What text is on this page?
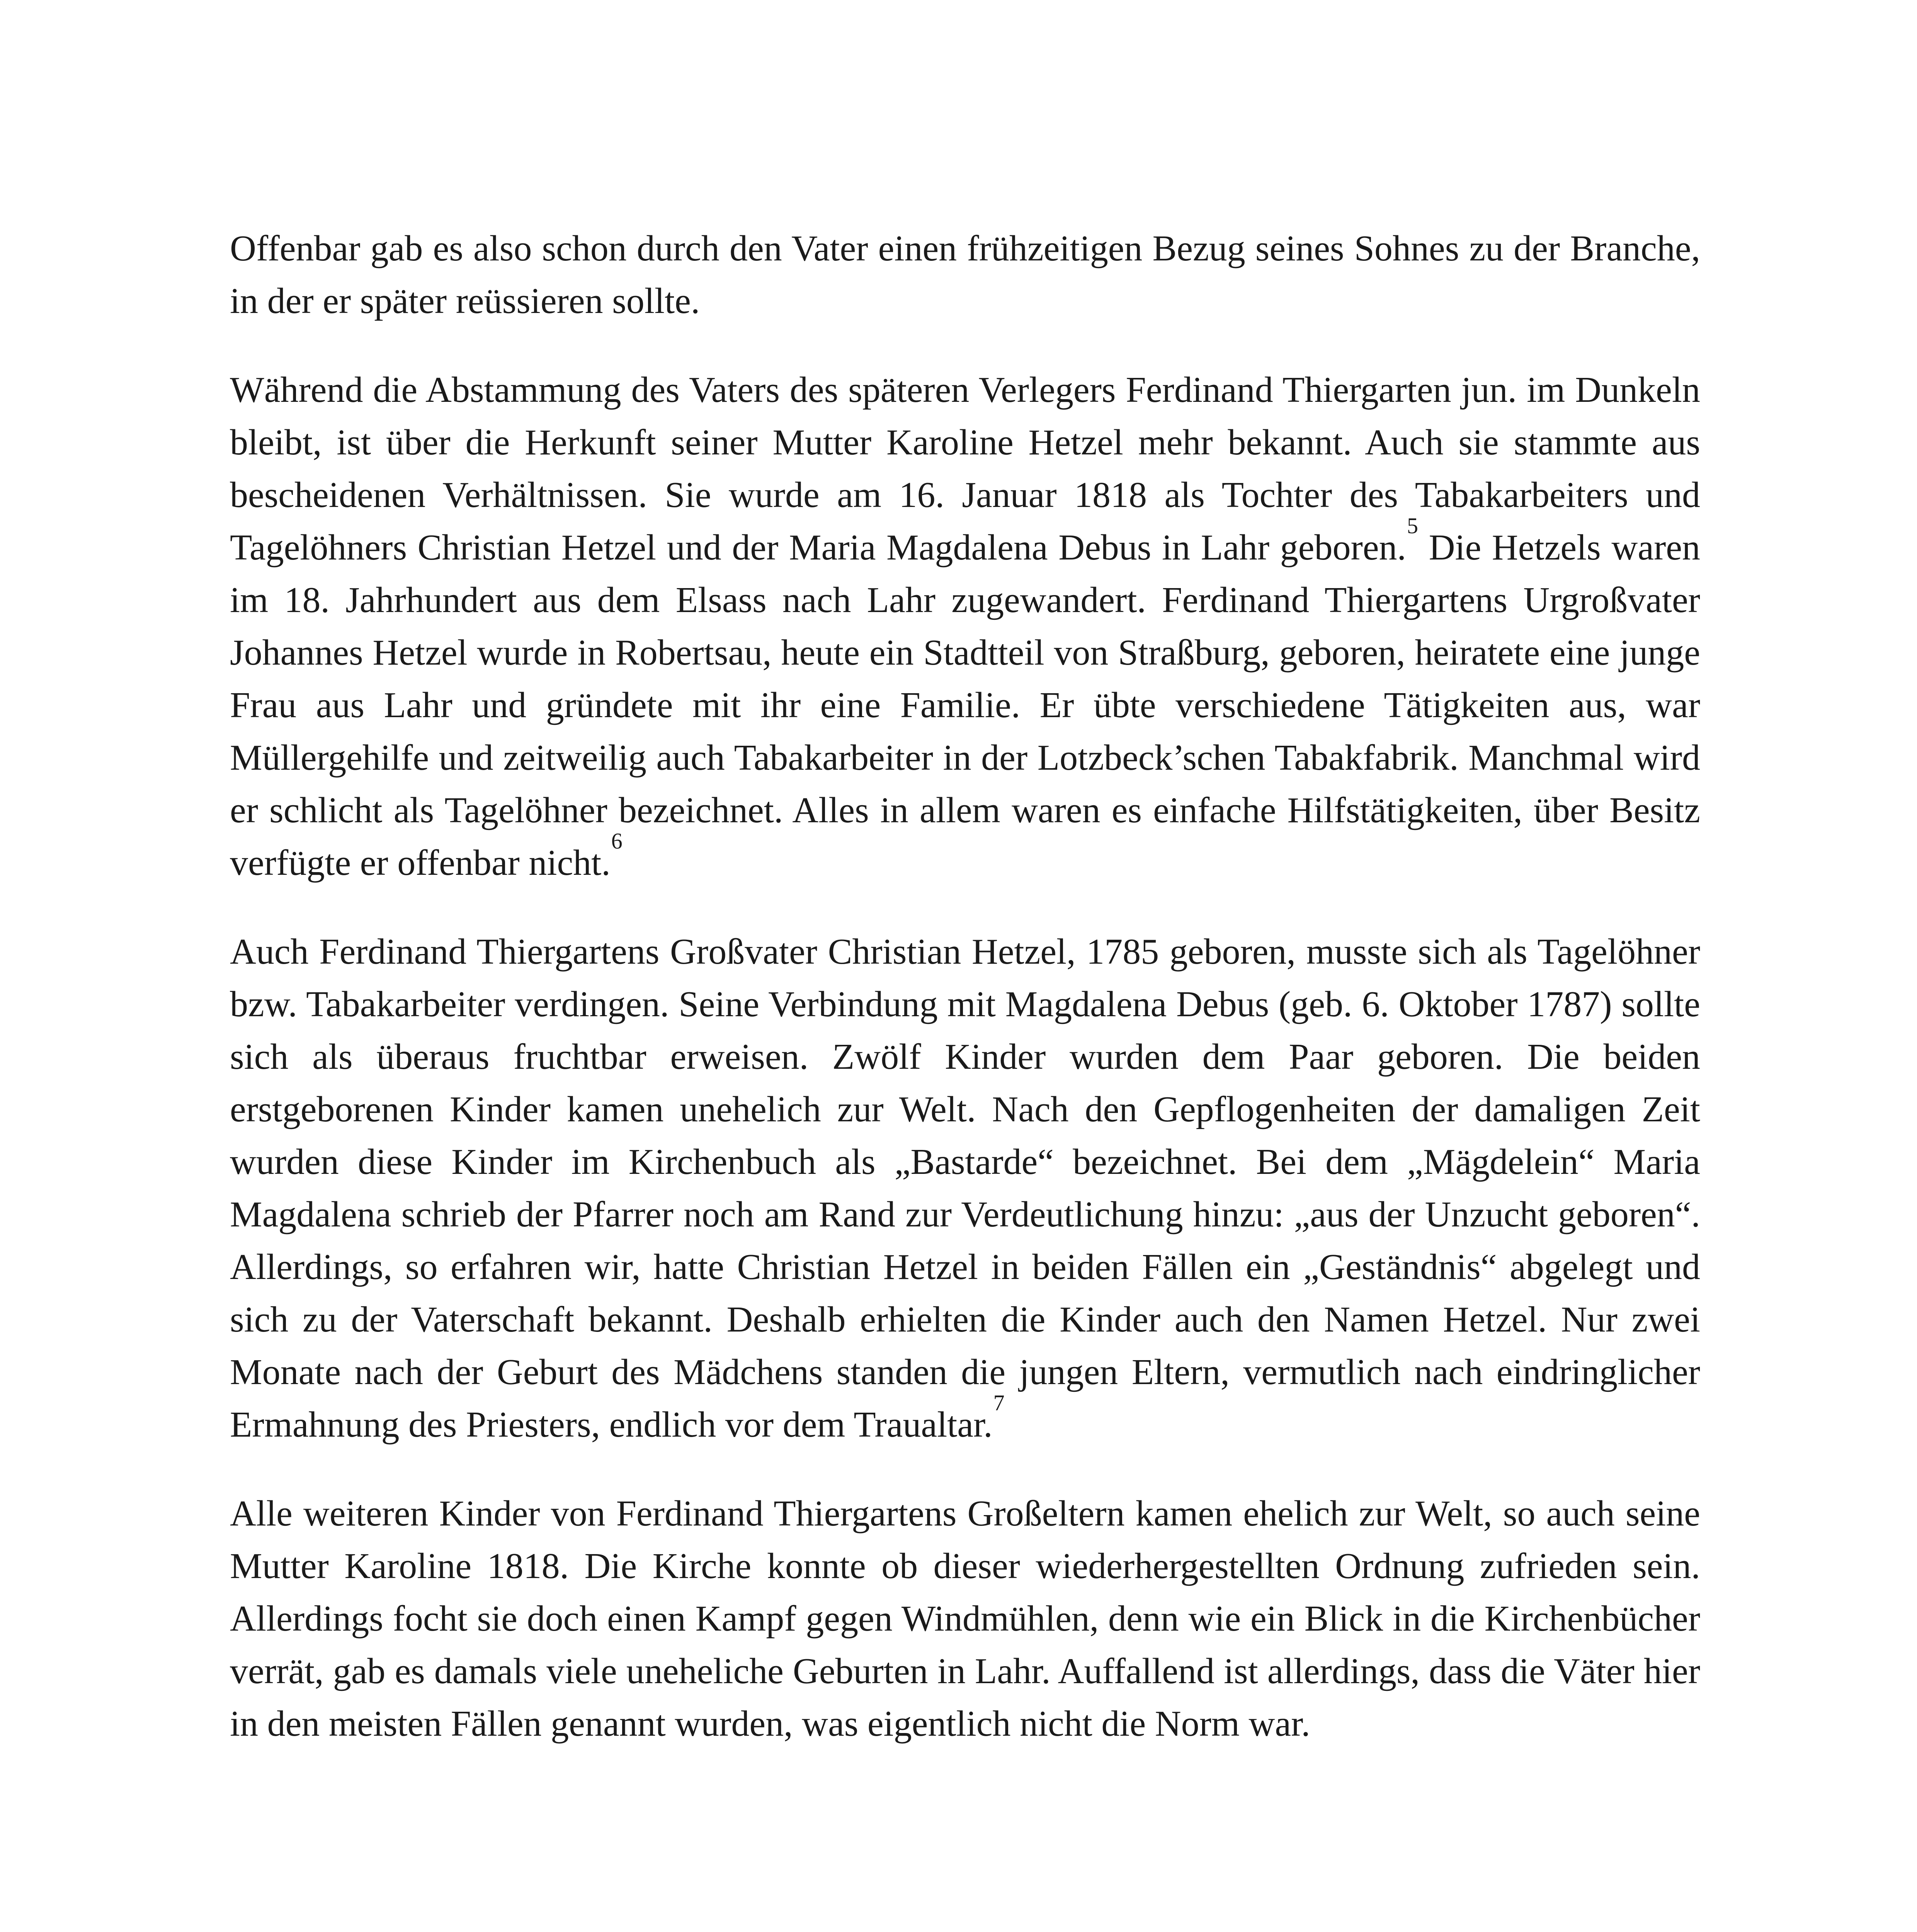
Offenbar gab es also schon durch den Vater einen frühzeitigen Bezug seines Sohnes zu der Branche, in der er später reüssieren sollte.

Während die Abstammung des Vaters des späteren Verlegers Ferdinand Thiergarten jun. im Dunkeln bleibt, ist über die Herkunft seiner Mutter Karoline Hetzel mehr bekannt. Auch sie stammte aus bescheidenen Verhältnissen. Sie wurde am 16. Januar 1818 als Tochter des Tabakarbeiters und Tagelöhners Christian Hetzel und der Maria Magdalena Debus in Lahr geboren.$^5$ Die Hetzels waren im 18. Jahrhundert aus dem Elsass nach Lahr zugewandert. Ferdinand Thiergartens Urgroßvater Johannes Hetzel wurde in Robertsau, heute ein Stadtteil von Straßburg, geboren, heiratete eine junge Frau aus Lahr und gründete mit ihr eine Familie. Er übte verschiedene Tätigkeiten aus, war Müllergehilfe und zeitweilig auch Tabakarbeiter in der Lotzbeck’schen Tabakfabrik. Manchmal wird er schlicht als Tagelöhner bezeichnet. Alles in allem waren es einfache Hilfstätigkeiten, über Besitz verfügte er offenbar nicht.$^6$

Auch Ferdinand Thiergartens Großvater Christian Hetzel, 1785 geboren, musste sich als Tagelöhner bzw. Tabakarbeiter verdingen. Seine Verbindung mit Magdalena Debus (geb. 6. Oktober 1787) sollte sich als überaus fruchtbar erweisen. Zwölf Kinder wurden dem Paar geboren. Die beiden erstgeborenen Kinder kamen unehelich zur Welt. Nach den Gepflogenheiten der damaligen Zeit wurden diese Kinder im Kirchenbuch als „Bastarde“ bezeichnet. Bei dem „Mägdelein“ Maria Magdalena schrieb der Pfarrer noch am Rand zur Verdeutlichung hinzu: „aus der Unzucht geboren“. Allerdings, so erfahren wir, hatte Christian Hetzel in beiden Fällen ein „Geständnis“ abgelegt und sich zu der Vaterschaft bekannt. Deshalb erhielten die Kinder auch den Namen Hetzel. Nur zwei Monate nach der Geburt des Mädchens standen die jungen Eltern, vermutlich nach eindringlicher Ermahnung des Priesters, endlich vor dem Traualtar.$^7$

Alle weiteren Kinder von Ferdinand Thiergartens Großeltern kamen ehelich zur Welt, so auch seine Mutter Karoline 1818. Die Kirche konnte ob dieser wiederhergestellten Ordnung zufrieden sein. Allerdings focht sie doch einen Kampf gegen Windmühlen, denn wie ein Blick in die Kirchenbücher verrät, gab es damals viele uneheliche Geburten in Lahr. Auffallend ist allerdings, dass die Väter hier in den meisten Fällen genannt wurden, was eigentlich nicht die Norm war.
